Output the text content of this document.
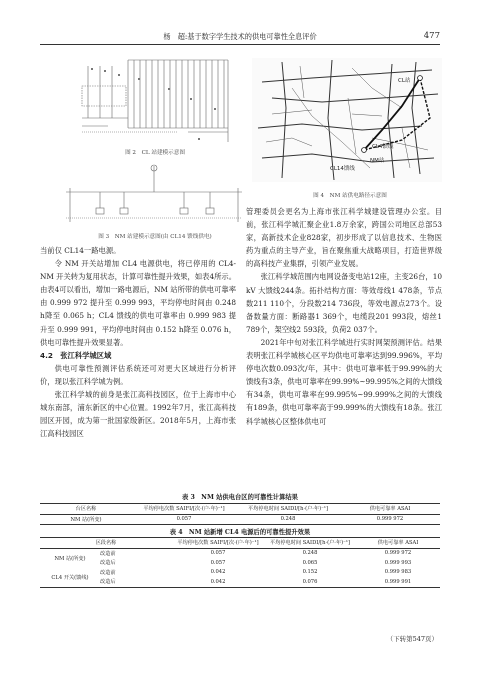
杨　超:基于数字学生技术的供电可靠性全息评价	477
图 2　CL 站建模示意图
图 3　NM 站建模示意图(由 CL14 馈线供电)
CL站
CL4馈线
NM站
CL14馈线
图 4　NM 站供电路径示意图

当前仅 CL14一路电源。

令 NM 开关站增加 CL4 电源供电，将已停用的 CL4-NM 开关转为复用状态，计算可靠性提升效果，如表4所示。由表4可以看出，增加一路电源后，NM 站所带的供电可靠率由 0.999 972 提升至 0.999 993，平均停电时间由 0.248 h降至 0.065 h；CL4 馈线的供电可靠率由 0.999 983 提升至 0.999 991，平均停电时间由 0.152 h降至 0.076 h，供电可靠性提升效果显著。

4.2　张江科学城区域

供电可靠性预测评估系统还可对更大区域进行分析评价，现以张江科学城为例。

张江科学城的前身是张江高科技园区，位于上海市中心城东南部，浦东新区的中心位置。1992年7月，张江高科技园区开园，成为第一批国家级新区。2018年5月，上海市张江高科技园区

管理委员会更名为上海市张江科学城建设管理办公室。目前，张江科学城汇聚企业1.8万余家，跨国公司地区总部53家，高新技术企业828家，初步形成了以信息技术、生物医药为重点的主导产业，旨在聚焦重大战略项目，打造世界级的高科技产业集群，引领产业发展。

张江科学城范围内电网设备变电站12座，主变26台，10 kV 大馈线244条。拓扑结构方面：等效母线1 478条，节点数211 110个，分段数214 736段，等效电源点273个。设备数量方面：断路器1 369个，电缆段201 993段，熔丝1 789个，架空线2 593段，负荷2 037个。

2021年中旬对张江科学城进行实时网架预测评估。结果表明张江科学城核心区平均供电可靠率达到99.996%，平均停电次数0.093次/年，其中：供电可靠率低于99.99%的大馈线有3条，供电可靠率在99.99%~99.995%之间的大馈线有34条，供电可靠率在99.995%~99.999%之间的大馈线有189条，供电可靠率高于99.999%的大馈线有18条。张江科学城核心区整体供电可

表 3　NM 站供电台区的可靠性计算结果
台区名称	平均停电次数 SAIFI/[次·(户·年)⁻¹]	平均停电时间 SAIDI/[h·(户·年)⁻¹]	供电可靠率 ASAI
NM 站(所变)	0.057	0.248	0.999 972
表 4　NM 站新增 CL4 电源后的可靠性提升效果
区段名称		平均停电次数 SAIFI/[次·(户·年)⁻¹]	平均停电时间 SAIDI/[h·(户·年)⁻¹]	供电可靠率 ASAI
NM 站(所变)	改造前	0.057	0.248	0.999 972
	改造后	0.057	0.065	0.999 993
CL4 开关(馈线)	改造前	0.042	0.152	0.999 983
	改造后	0.042	0.076	0.999 991
（下转第547页）
